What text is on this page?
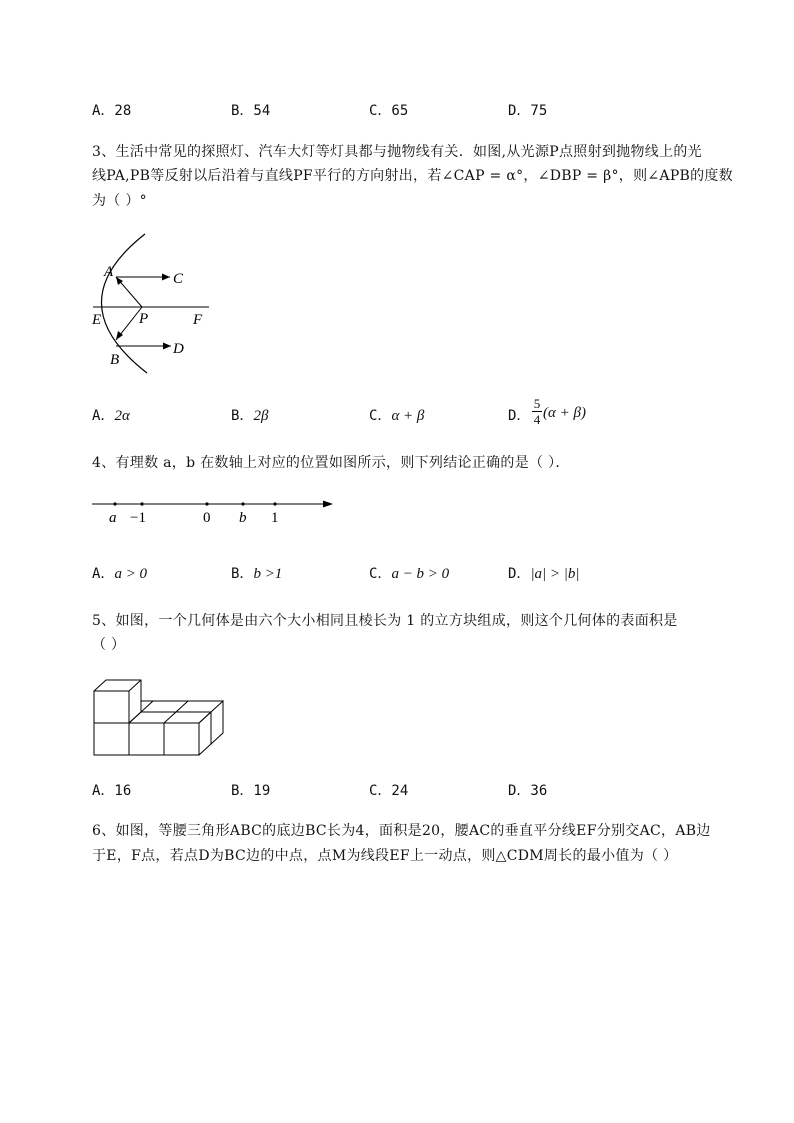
A．28	B．54	C．65	D．75
3、生活中常见的探照灯、汽车大灯等灯具都与抛物线有关．如图,从光源P点照射到抛物线上的光
线PA,PB等反射以后沿着与直线PF平行的方向射出，若∠CAP = α°，∠DBP = β°，则∠APB的度数
为（ ）°
A	C
E	P	F
D
B
A．2α	B．2β	C．α + β	D． $\frac{5}{4} (\alpha + \beta)$
4、有理数 a，b 在数轴上对应的位置如图所示，则下列结论正确的是（ ）．
a −1	0 b 1
A．a > 0	B．b >1	C．a − b > 0	D．|a| > |b|
5、如图，一个几何体是由六个大小相同且棱长为 1 的立方块组成，则这个几何体的表面积是
（ ）
A．16	B．19	C．24	D．36
6、如图，等腰三角形ABC的底边BC长为4，面积是20，腰AC的垂直平分线EF分别交AC，AB边
于E，F点，若点D为BC边的中点，点M为线段EF上一动点，则△CDM周长的最小值为（ ）
